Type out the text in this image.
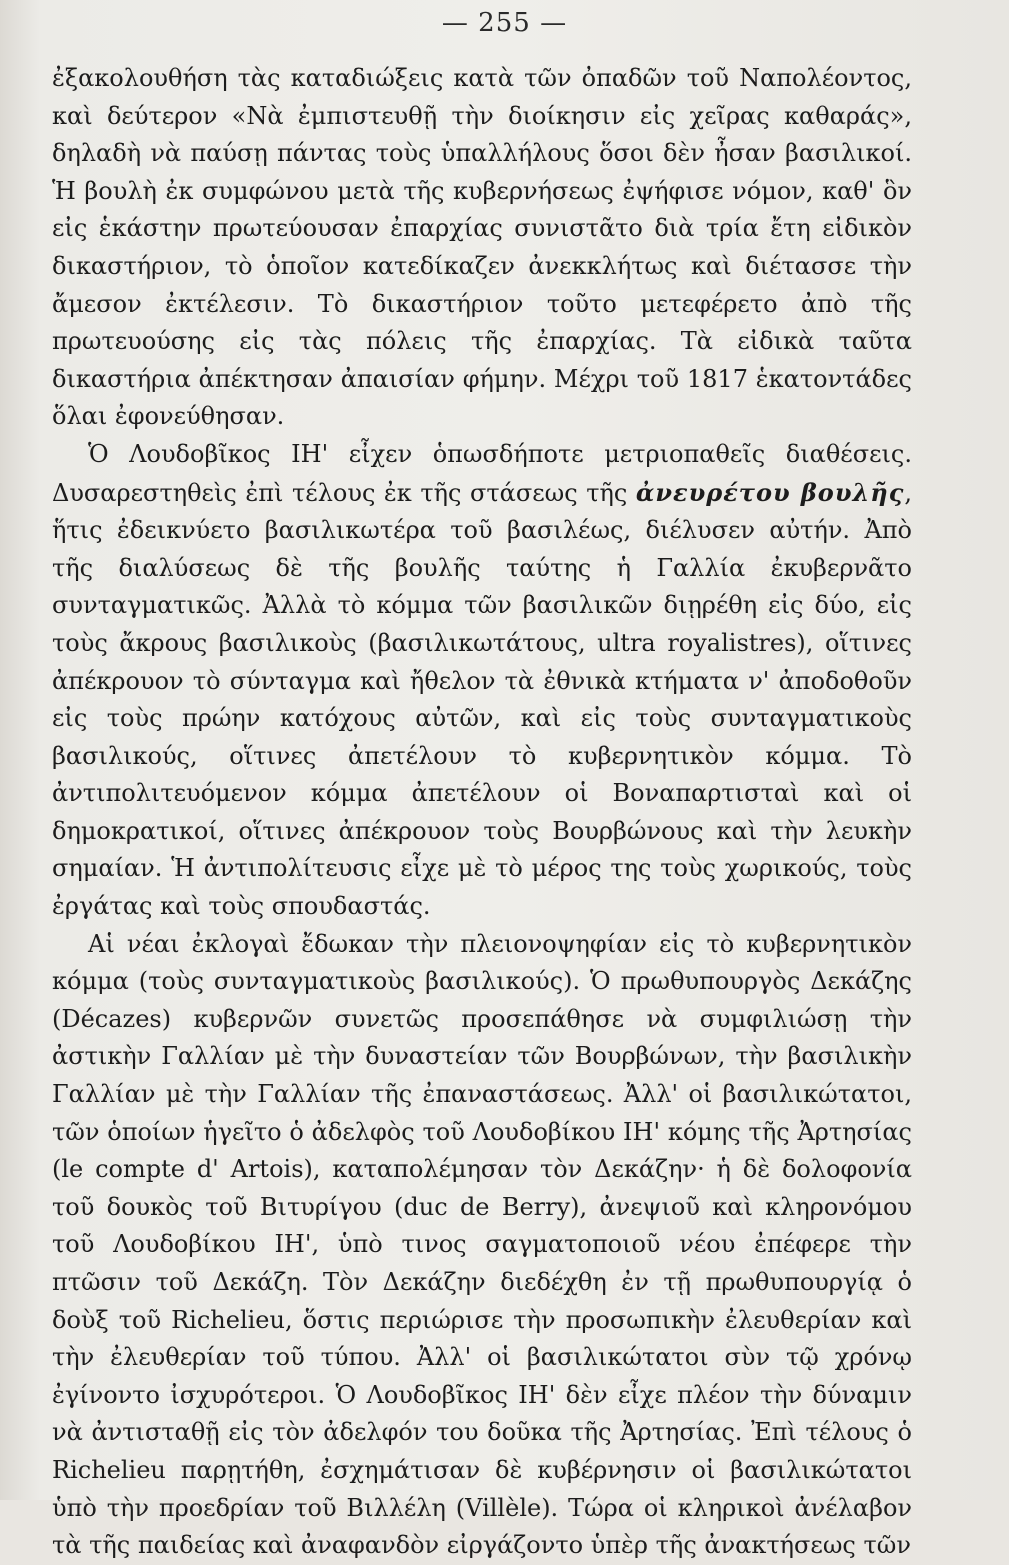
— 255 —

ἐξακολουθήση τὰς καταδιώξεις κατὰ τῶν ὀπαδῶν τοῦ Ναπολέοντος, καὶ δεύτερον «Νὰ ἐμπιστευθῇ τὴν διοίκησιν εἰς χεῖρας καθαράς», δηλαδὴ νὰ παύσῃ πάντας τοὺς ὑπαλλήλους ὅσοι δὲν ἦσαν βασιλικοί. Ἡ βουλὴ ἐκ συμφώνου μετὰ τῆς κυβερνήσεως ἐψήφισε νόμον, καθ' ὃν εἰς ἑκάστην πρωτεύουσαν ἐπαρχίας συνιστᾶτο διὰ τρία ἔτη εἰδικὸν δικαστήριον, τὸ ὁποῖον κατεδίκαζεν ἀνεκκλήτως καὶ διέτασσε τὴν ἄμεσον ἐκτέλεσιν. Τὸ δικαστήριον τοῦτο μετεφέρετο ἀπὸ τῆς πρωτευούσης εἰς τὰς πόλεις τῆς ἐπαρχίας. Τὰ εἰδικὰ ταῦτα δικαστήρια ἀπέκτησαν ἀπαισίαν φήμην. Μέχρι τοῦ 1817 ἑκατοντάδες ὅλαι ἐφονεύθησαν.

Ὁ Λουδοβῖκος ΙΗ' εἶχεν ὁπωσδήποτε μετριοπαθεῖς διαθέσεις. Δυσαρεστηθεὶς ἐπὶ τέλους ἐκ τῆς στάσεως τῆς ἀνευρέτου βουλῆς, ἥτις ἐδεικνύετο βασιλικωτέρα τοῦ βασιλέως, διέλυσεν αὐτήν. Ἀπὸ τῆς διαλύσεως δὲ τῆς βουλῆς ταύτης ἡ Γαλλία ἐκυβερνᾶτο συνταγματικῶς. Ἀλλὰ τὸ κόμμα τῶν βασιλικῶν διῃρέθη εἰς δύο, εἰς τοὺς ἄκρους βασιλικοὺς (βασιλικωτάτους, ultra royalistres), οἵτινες ἀπέκρουον τὸ σύνταγμα καὶ ἤθελον τὰ ἐθνικὰ κτήματα ν' ἀποδοθοῦν εἰς τοὺς πρώην κατόχους αὐτῶν, καὶ εἰς τοὺς συνταγματικοὺς βασιλικούς, οἵτινες ἀπετέλουν τὸ κυβερνητικὸν κόμμα. Τὸ ἀντιπολιτευόμενον κόμμα ἀπετέλουν οἱ Βοναπαρτισταὶ καὶ οἱ δημοκρατικοί, οἵτινες ἀπέκρουον τοὺς Βουρβώνους καὶ τὴν λευκὴν σημαίαν. Ἡ ἀντιπολίτευσις εἶχε μὲ τὸ μέρος της τοὺς χωρικούς, τοὺς ἐργάτας καὶ τοὺς σπουδαστάς.

Αἱ νέαι ἐκλογαὶ ἔδωκαν τὴν πλειονοψηφίαν εἰς τὸ κυβερνητικὸν κόμμα (τοὺς συνταγματικοὺς βασιλικούς). Ὁ πρωθυπουργὸς Δεκάζης (Décazes) κυβερνῶν συνετῶς προσεπάθησε νὰ συμφιλιώσῃ τὴν ἀστικὴν Γαλλίαν μὲ τὴν δυναστείαν τῶν Βουρβώνων, τὴν βασιλικὴν Γαλλίαν μὲ τὴν Γαλλίαν τῆς ἐπαναστάσεως. Ἀλλ' οἱ βασιλικώτατοι, τῶν ὁποίων ἡγεῖτο ὁ ἀδελφὸς τοῦ Λουδοβίκου ΙΗ' κόμης τῆς Ἀρτησίας (le compte d' Artois), καταπολέμησαν τὸν Δεκάζην· ἡ δὲ δολοφονία τοῦ δουκὸς τοῦ Βιτυρίγου (duc de Berry), ἀνεψιοῦ καὶ κληρονόμου τοῦ Λουδοβίκου ΙΗ', ὑπὸ τινος σαγματοποιοῦ νέου ἐπέφερε τὴν πτῶσιν τοῦ Δεκάζη. Τὸν Δεκάζην διεδέχθη ἐν τῇ πρωθυπουργίᾳ ὁ δοὺξ τοῦ Richelieu, ὅστις περιώρισε τὴν προσωπικὴν ἐλευθερίαν καὶ τὴν ἐλευθερίαν τοῦ τύπου. Ἀλλ' οἱ βασιλικώτατοι σὺν τῷ χρόνῳ ἐγίνοντο ἰσχυρότεροι. Ὁ Λουδοβῖκος ΙΗ' δὲν εἶχε πλέον τὴν δύναμιν νὰ ἀντισταθῇ εἰς τὸν ἀδελφόν του δοῦκα τῆς Ἀρτησίας. Ἐπὶ τέλους ὁ Richelieu παρῃτήθη, ἐσχημάτισαν δὲ κυβέρνησιν οἱ βασιλικώτατοι ὑπὸ τὴν προεδρίαν τοῦ Βιλλέλη (Villèle). Τώρα οἱ κληρικοὶ ἀνέλαβον τὰ τῆς παιδείας καὶ ἀναφανδὸν εἰργάζοντο ὑπὲρ τῆς ἀνακτήσεως τῶν
